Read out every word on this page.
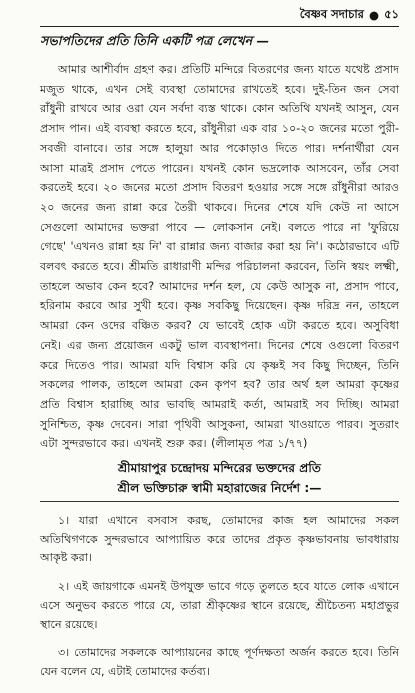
বৈষ্ণব সদাচার ● ৫১
সভাপতিদের প্রতি তিনি একটি পত্র লেখেন —

আমার আশীর্বাদ গ্রহণ কর। প্রতিটি মন্দিরে বিতরণের জন্য যাতে যথেষ্ট প্রসাদ মজুত থাকে, এখন সেই ব্যবস্থা তোমাদের রাখতেই হবে। দুই-তিন জন সেবা রাঁধুনী রাখবে আর ওরা যেন সর্বদা ব্যস্ত থাকে। কোন অতিথি যখনই আসুন, যেন প্রসাদ পান। এই ব্যবস্থা করতে হবে, রাঁধুনীরা এক বার ১০-২০ জনের মতো পুরী-সবজী বানাবে। তার সঙ্গে হালুয়া আর পকোড়াও দিতে পার। দর্শনার্থীরা যেন আসা মাত্রই প্রসাদ পেতে পারেন। যখনই কোন ভদ্রলোক আসবেন, তাঁর সেবা করতেই হবে। ২০ জনের মতো প্রসাদ বিতরণ হওয়ার সঙ্গে সঙ্গে রাঁধুনীরা আরও ২০ জনের জন্য রান্না করে তৈরী থাকবে। দিনের শেষে যদি কেউ না আসে সেগুলো আমাদের ভক্তরা পাবে — লোকসান নেই। বলতে পারে না 'ফুরিয়ে গেছে' 'এখনও রান্না হয় নি' বা রান্নার জন্য বাজার করা হয় নি'। কঠোরভাবে এটি বলবৎ করতে হবে। শ্রীমতি রাধারাণী মন্দির পরিচালনা করবেন, তিনি স্বয়ং লক্ষ্মী, তাহলে অভাব কেন হবে? আমাদের দর্শন হল, যে কেউ আসুক না, প্রসাদ পাবে, হরিনাম করবে আর সুখী হবে। কৃষ্ণ সবকিছু দিয়েছেন। কৃষ্ণ দরিদ্র নন, তাহলে আমরা কেন ওদের বঞ্চিত করব? যে ভাবেই হোক এটা করতে হবে। অসুবিধা নেই। এর জন্য প্রয়োজন একটু ভাল ব্যবস্থাপনা। দিনের শেষে ওগুলো বিতরণ করে দিতেও পার। আমরা যদি বিশ্বাস করি যে কৃষ্ণই সব কিছু দিচ্ছেন, তিনি সকলের পালক, তাহলে আমরা কেন কৃপণ হব? তার অর্থ হল আমরা কৃষ্ণের প্রতি বিশ্বাস হারাচ্ছি আর ভাবছি আমরাই কর্তা, আমরাই সব দিচ্ছি। আমরা সুনিশ্চিত, কৃষ্ণ দেবেন। সারা পৃথিবী আসুকনা, আমরা খাওয়াতে পারব। সুতরাং এটা সুন্দরভাবে কর। এখনই শুরু কর। (লীলামৃত পত্র ১/৭৭)

শ্রীমায়াপুর চন্দ্রোদয় মন্দিরের ভক্তদের প্রতি
শ্রীল ভক্তিচারু স্বামী মহারাজের নির্দেশ :—

১। যারা এখানে বসবাস করছ, তোমাদের কাজ হল আমাদের সকল অতিথিগণকে সুন্দরভাবে আপ্যায়িত করে তাদের প্রকৃত কৃষ্ণভাবনায় ভাবধারায় আকৃষ্ট করা।

২। এই জায়গাকে এমনই উপযুক্ত ভাবে গড়ে তুলতে হবে যাতে লোক এখানে এসে অনুভব করতে পারে যে, তারা শ্রীকৃষ্ণের স্থানে রয়েছে, শ্রীচৈতন্য মহাপ্রভুর স্থানে রয়েছে।

৩। তোমাদের সকলকে আপ্যায়নের কাছে পূর্ণদক্ষতা অর্জন করতে হবে। তিনি যেন বলেন যে, এটাই তোমাদের কর্তব্য।
